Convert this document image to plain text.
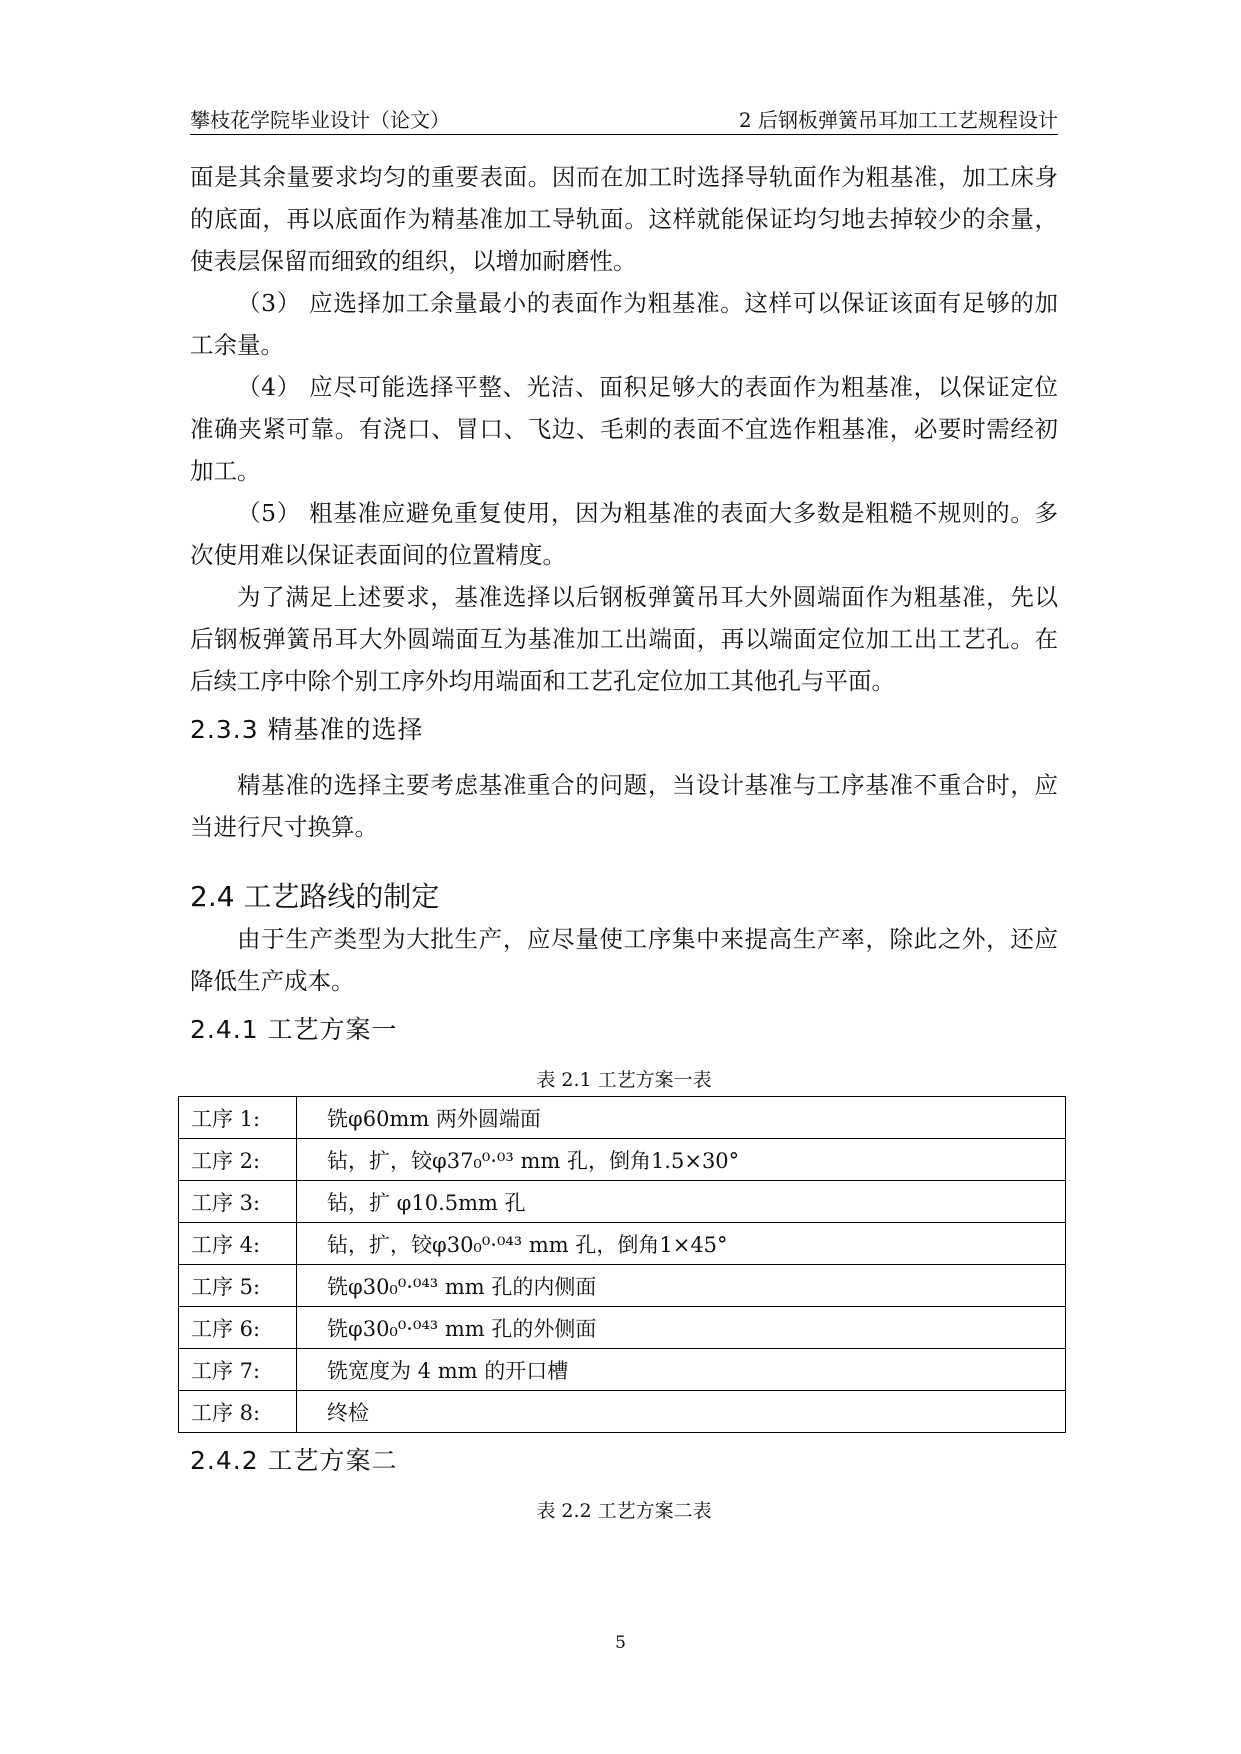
攀枝花学院毕业设计（论文）	2 后钢板弹簧吊耳加工工艺规程设计

面是其余量要求均匀的重要表面。因而在加工时选择导轨面作为粗基准，加工床身的底面，再以底面作为精基准加工导轨面。这样就能保证均匀地去掉较少的余量，使表层保留而细致的组织，以增加耐磨性。

（3） 应选择加工余量最小的表面作为粗基准。这样可以保证该面有足够的加工余量。

（4） 应尽可能选择平整、光洁、面积足够大的表面作为粗基准，以保证定位准确夹紧可靠。有浇口、冒口、飞边、毛刺的表面不宜选作粗基准，必要时需经初加工。

（5） 粗基准应避免重复使用，因为粗基准的表面大多数是粗糙不规则的。多次使用难以保证表面间的位置精度。

为了满足上述要求，基准选择以后钢板弹簧吊耳大外圆端面作为粗基准，先以后钢板弹簧吊耳大外圆端面互为基准加工出端面，再以端面定位加工出工艺孔。在后续工序中除个别工序外均用端面和工艺孔定位加工其他孔与平面。

2.3.3 精基准的选择

精基准的选择主要考虑基准重合的问题，当设计基准与工序基准不重合时，应当进行尺寸换算。

2.4 工艺路线的制定

由于生产类型为大批生产，应尽量使工序集中来提高生产率，除此之外，还应降低生产成本。

2.4.1 工艺方案一
表 2.1 工艺方案一表
工序 1:	铣φ60mm 两外圆端面
工序 2:	钻，扩，铰φ37₀⁰·⁰³ mm 孔，倒角1.5×30°
工序 3:	钻，扩 φ10.5mm 孔
工序 4:	钻，扩，铰φ30₀⁰·⁰⁴³ mm 孔，倒角1×45°
工序 5:	铣φ30₀⁰·⁰⁴³ mm 孔的内侧面
工序 6:	铣φ30₀⁰·⁰⁴³ mm 孔的外侧面
工序 7:	铣宽度为 4 mm 的开口槽
工序 8:	终检
2.4.2 工艺方案二
表 2.2 工艺方案二表
5
